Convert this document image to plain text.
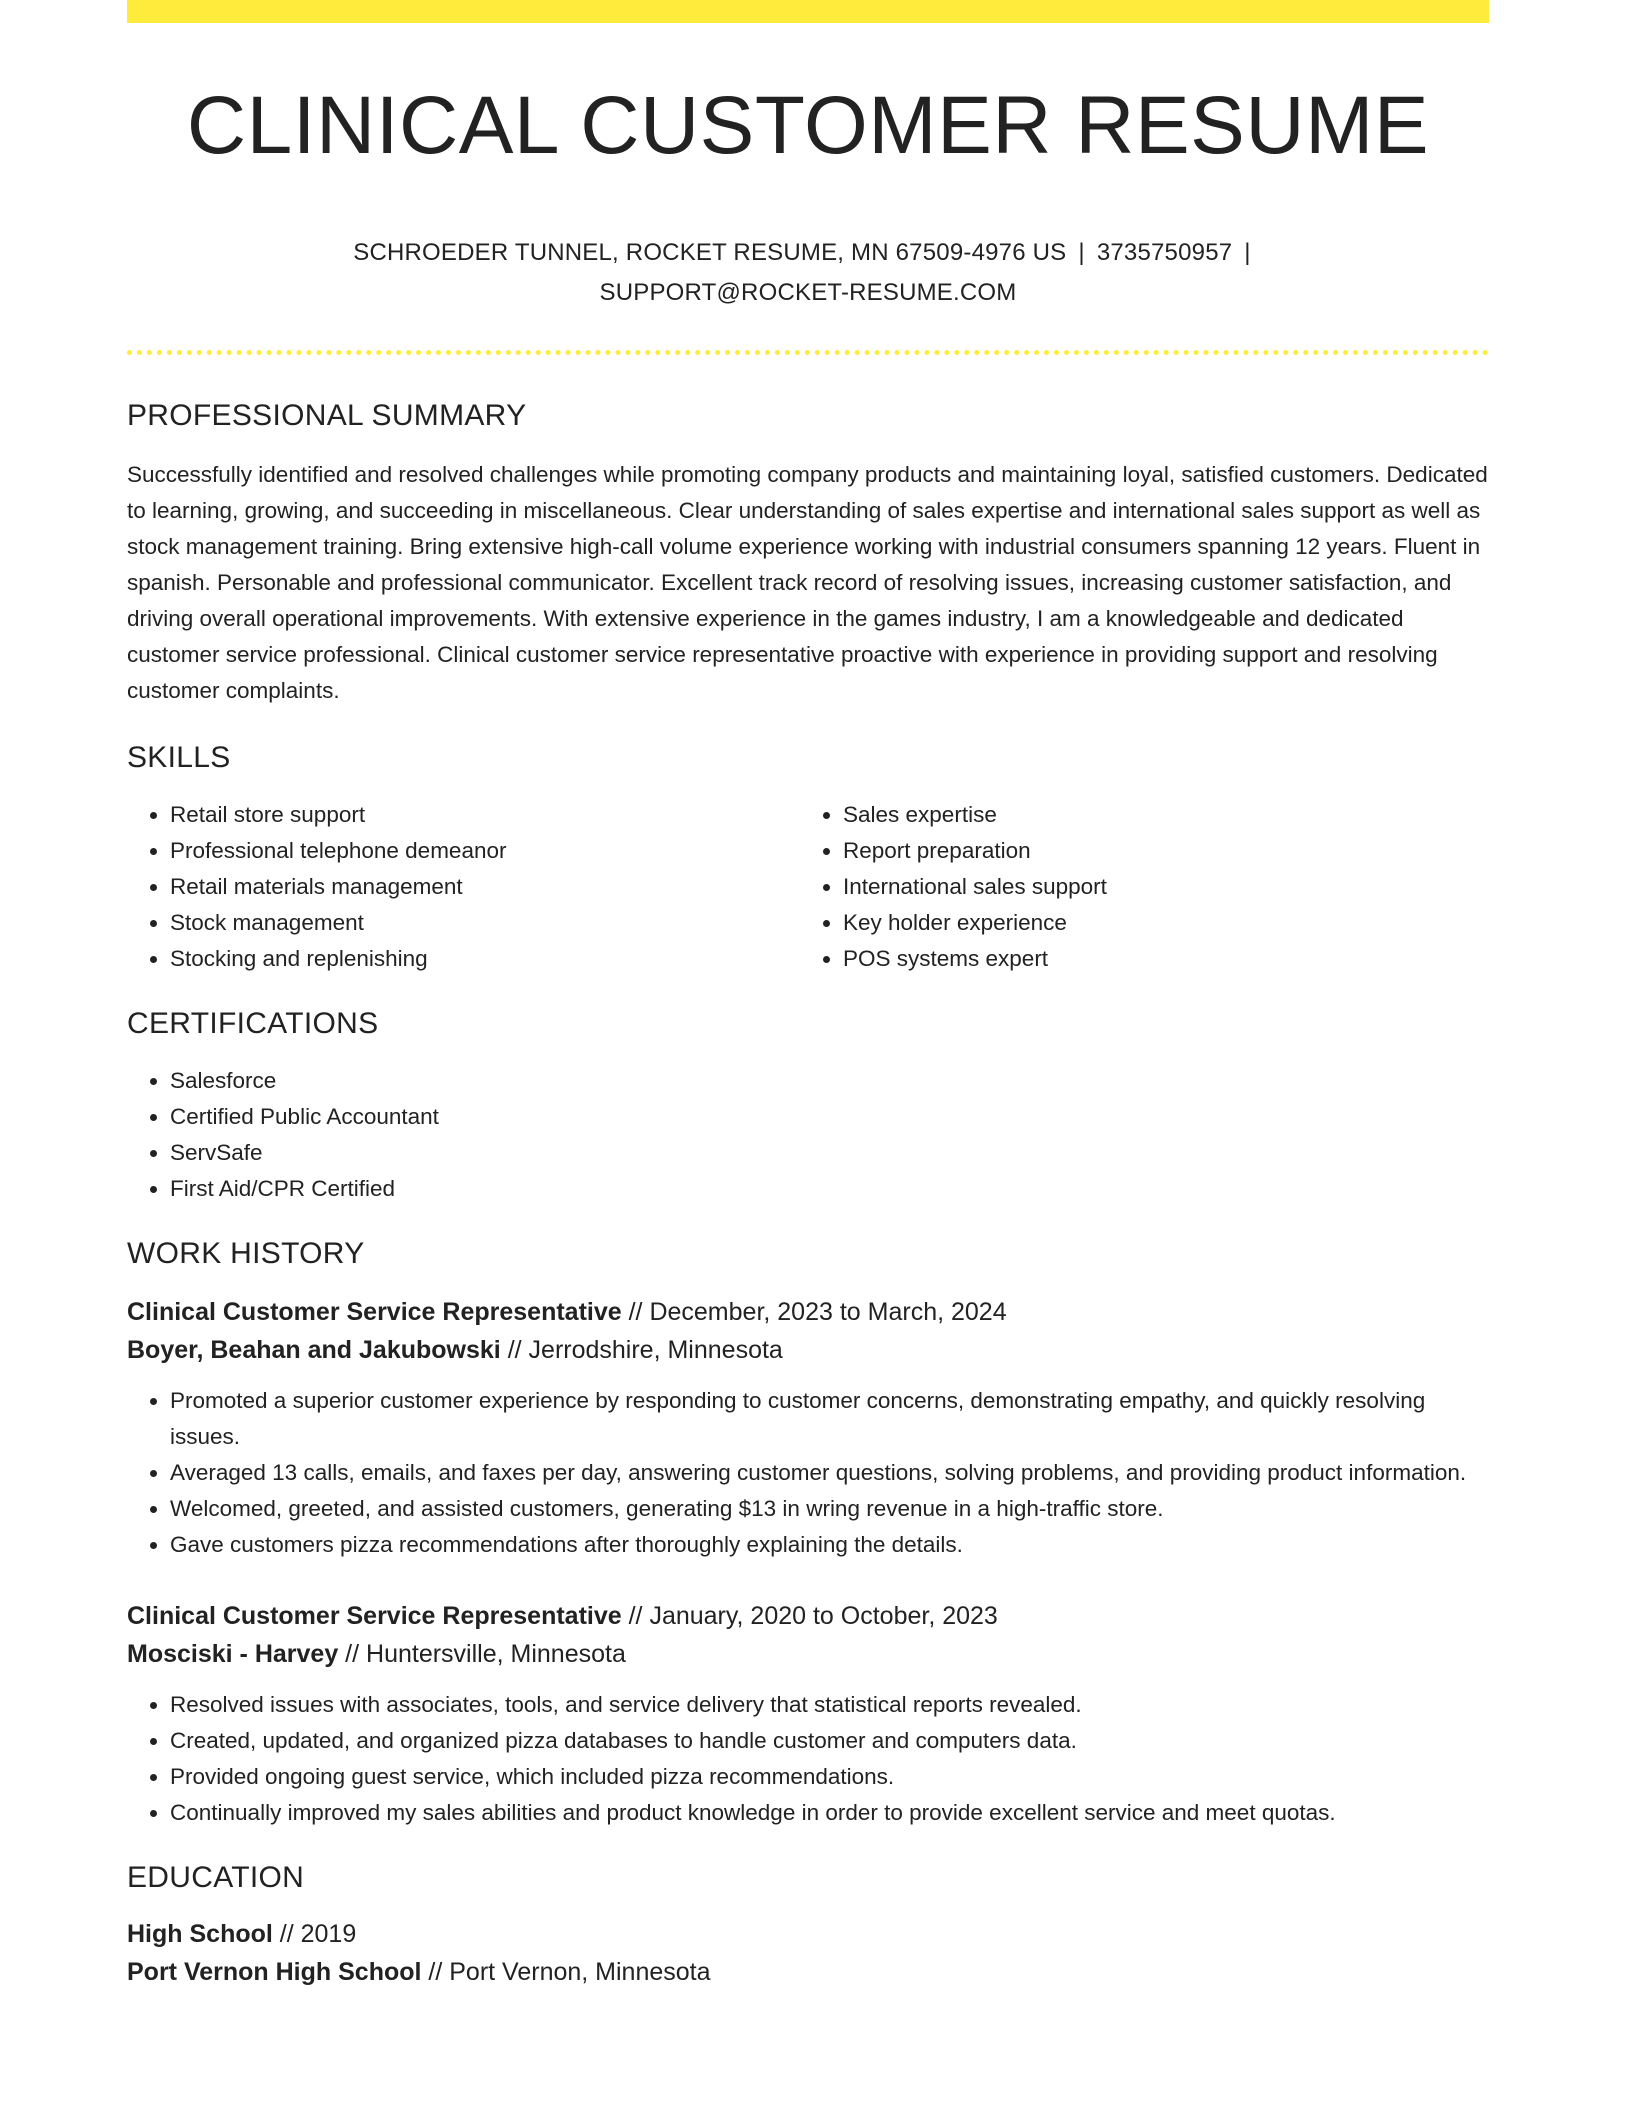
CLINICAL CUSTOMER RESUME
SCHROEDER TUNNEL, ROCKET RESUME, MN 67509-4976 US | 3735750957 |
SUPPORT@ROCKET-RESUME.COM
PROFESSIONAL SUMMARY

Successfully identified and resolved challenges while promoting company products and maintaining loyal, satisfied customers. Dedicated to learning, growing, and succeeding in miscellaneous. Clear understanding of sales expertise and international sales support as well as stock management training. Bring extensive high-call volume experience working with industrial consumers spanning 12 years. Fluent in spanish. Personable and professional communicator. Excellent track record of resolving issues, increasing customer satisfaction, and driving overall operational improvements. With extensive experience in the games industry, I am a knowledgeable and dedicated customer service professional. Clinical customer service representative proactive with experience in providing support and resolving customer complaints.

SKILLS
• Retail store support
• Professional telephone demeanor
• Retail materials management
• Stock management
• Stocking and replenishing
• Sales expertise
• Report preparation
• International sales support
• Key holder experience
• POS systems expert
CERTIFICATIONS
• Salesforce
• Certified Public Accountant
• ServSafe
• First Aid/CPR Certified
WORK HISTORY
Clinical Customer Service Representative // December, 2023 to March, 2024
Boyer, Beahan and Jakubowski // Jerrodshire, Minnesota
• Promoted a superior customer experience by responding to customer concerns, demonstrating empathy, and quickly resolving issues.
• Averaged 13 calls, emails, and faxes per day, answering customer questions, solving problems, and providing product information.
• Welcomed, greeted, and assisted customers, generating $13 in wring revenue in a high-traffic store.
• Gave customers pizza recommendations after thoroughly explaining the details.
Clinical Customer Service Representative // January, 2020 to October, 2023
Mosciski - Harvey // Huntersville, Minnesota
• Resolved issues with associates, tools, and service delivery that statistical reports revealed.
• Created, updated, and organized pizza databases to handle customer and computers data.
• Provided ongoing guest service, which included pizza recommendations.
• Continually improved my sales abilities and product knowledge in order to provide excellent service and meet quotas.
EDUCATION
High School // 2019
Port Vernon High School // Port Vernon, Minnesota
